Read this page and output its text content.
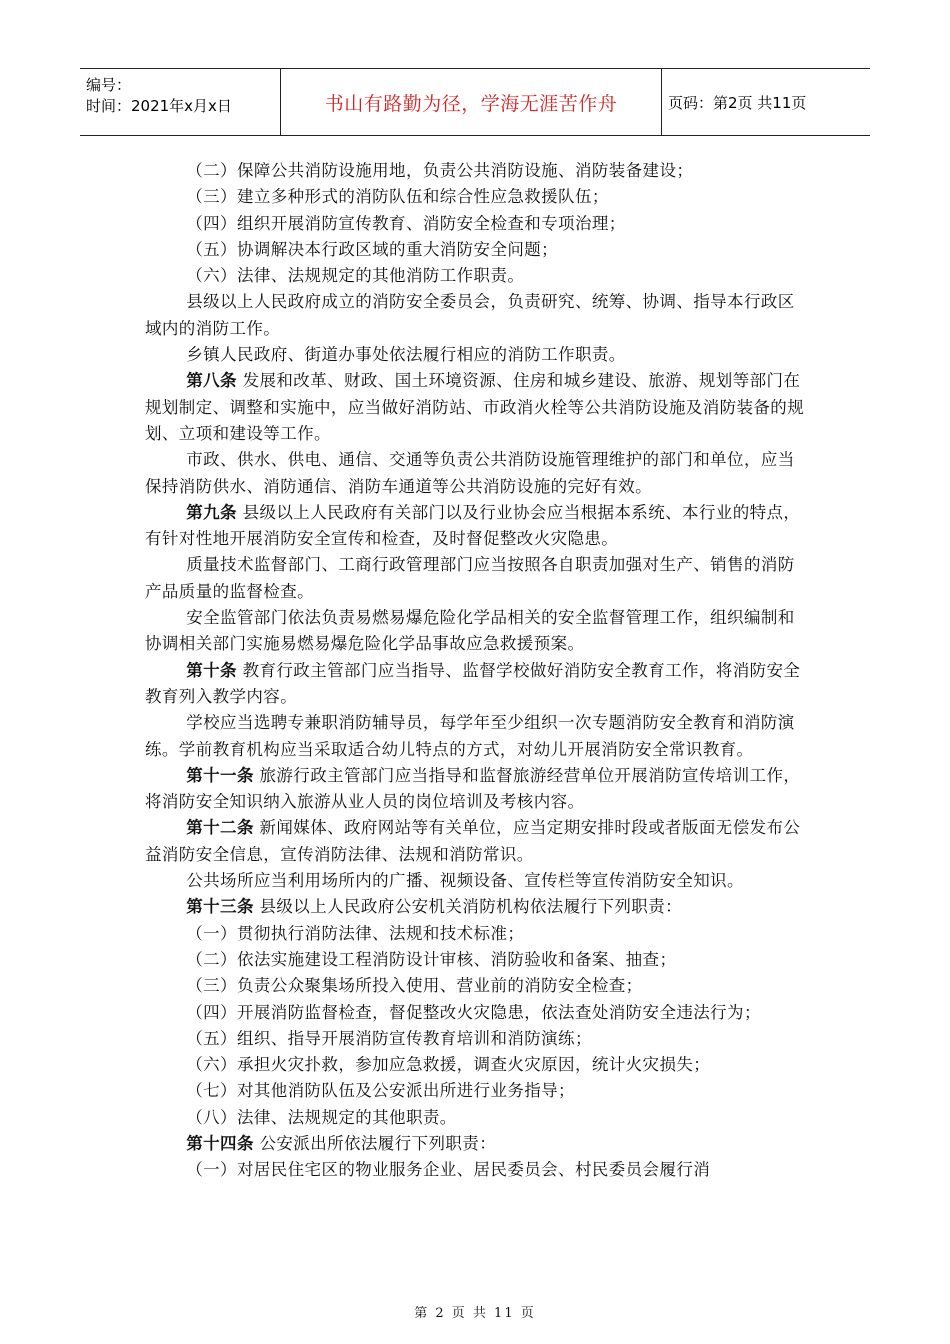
编号：
时间：2021年x月x日	书山有路勤为径，学海无涯苦作舟	页码：第2页 共11页

（二）保障公共消防设施用地，负责公共消防设施、消防装备建设；

（三）建立多种形式的消防队伍和综合性应急救援队伍；

（四）组织开展消防宣传教育、消防安全检查和专项治理；

（五）协调解决本行政区域的重大消防安全问题；

（六）法律、法规规定的其他消防工作职责。

县级以上人民政府成立的消防安全委员会，负责研究、统筹、协调、指导本行政区域内的消防工作。

乡镇人民政府、街道办事处依法履行相应的消防工作职责。

第八条 发展和改革、财政、国土环境资源、住房和城乡建设、旅游、规划等部门在规划制定、调整和实施中，应当做好消防站、市政消火栓等公共消防设施及消防装备的规划、立项和建设等工作。

市政、供水、供电、通信、交通等负责公共消防设施管理维护的部门和单位，应当保持消防供水、消防通信、消防车通道等公共消防设施的完好有效。

第九条 县级以上人民政府有关部门以及行业协会应当根据本系统、本行业的特点，有针对性地开展消防安全宣传和检查，及时督促整改火灾隐患。

质量技术监督部门、工商行政管理部门应当按照各自职责加强对生产、销售的消防产品质量的监督检查。

安全监管部门依法负责易燃易爆危险化学品相关的安全监督管理工作，组织编制和协调相关部门实施易燃易爆危险化学品事故应急救援预案。

第十条 教育行政主管部门应当指导、监督学校做好消防安全教育工作，将消防安全教育列入教学内容。

学校应当选聘专兼职消防辅导员，每学年至少组织一次专题消防安全教育和消防演练。学前教育机构应当采取适合幼儿特点的方式，对幼儿开展消防安全常识教育。

第十一条 旅游行政主管部门应当指导和监督旅游经营单位开展消防宣传培训工作，将消防安全知识纳入旅游从业人员的岗位培训及考核内容。

第十二条 新闻媒体、政府网站等有关单位，应当定期安排时段或者版面无偿发布公益消防安全信息，宣传消防法律、法规和消防常识。

公共场所应当利用场所内的广播、视频设备、宣传栏等宣传消防安全知识。

第十三条 县级以上人民政府公安机关消防机构依法履行下列职责：

（一）贯彻执行消防法律、法规和技术标准；

（二）依法实施建设工程消防设计审核、消防验收和备案、抽查；

（三）负责公众聚集场所投入使用、营业前的消防安全检查；

（四）开展消防监督检查，督促整改火灾隐患，依法查处消防安全违法行为；

（五）组织、指导开展消防宣传教育培训和消防演练；

（六）承担火灾扑救，参加应急救援，调查火灾原因，统计火灾损失；

（七）对其他消防队伍及公安派出所进行业务指导；

（八）法律、法规规定的其他职责。

第十四条 公安派出所依法履行下列职责：

（一）对居民住宅区的物业服务企业、居民委员会、村民委员会履行消

第 2 页 共 11 页
